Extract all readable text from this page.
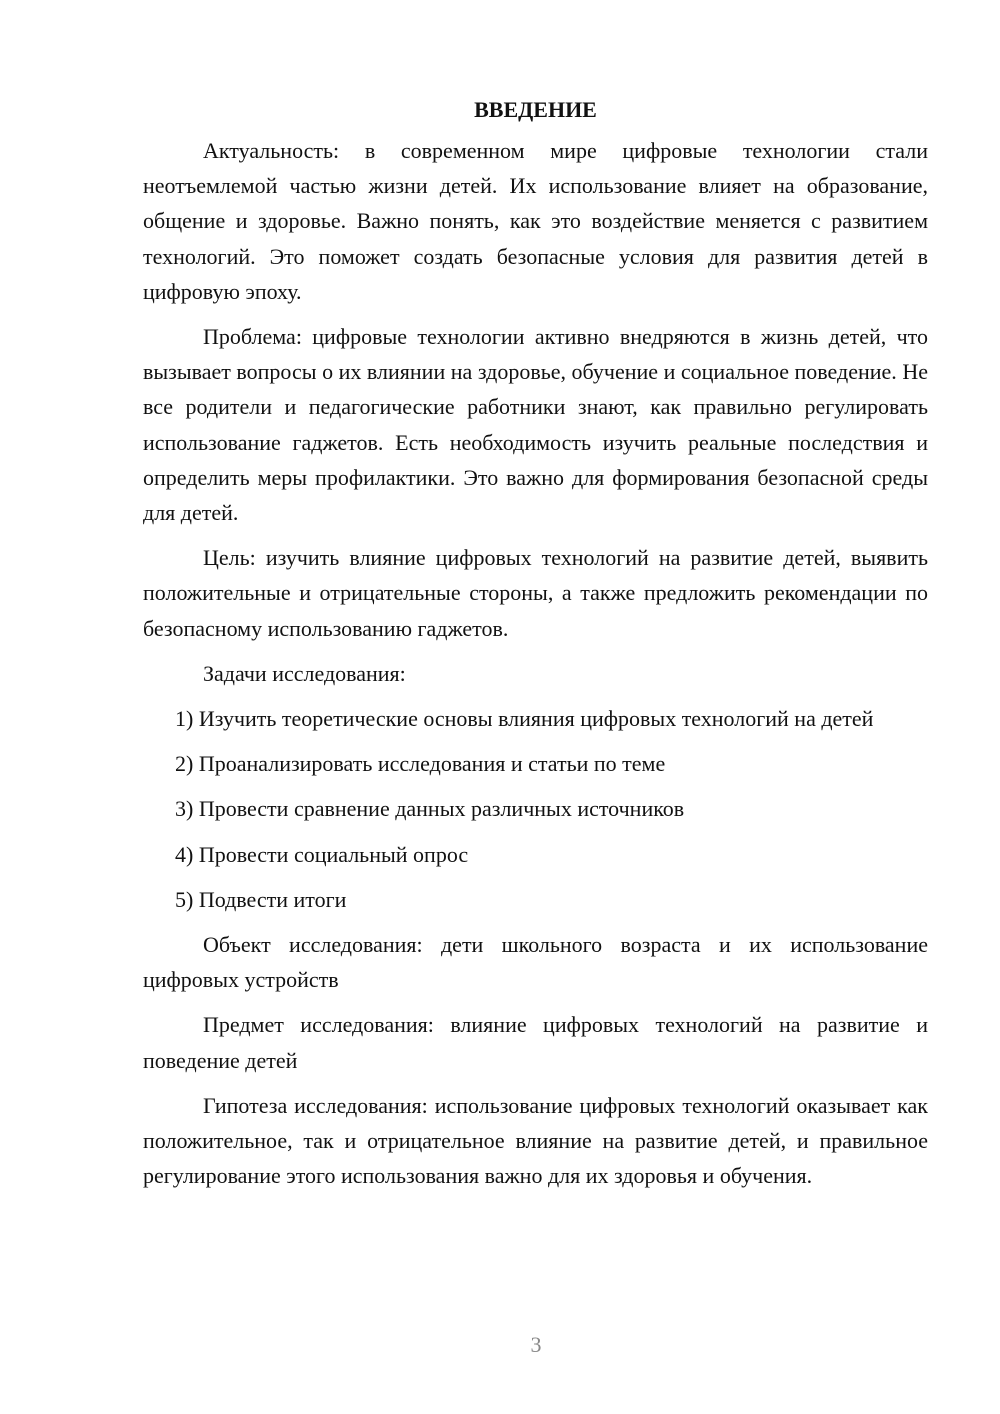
ВВЕДЕНИЕ

Актуальность: в современном мире цифровые технологии стали неотъемлемой частью жизни детей. Их использование влияет на образование, общение и здоровье. Важно понять, как это воздействие меняется с развитием технологий. Это поможет создать безопасные условия для развития детей в цифровую эпоху.

Проблема: цифровые технологии активно внедряются в жизнь детей, что вызывает вопросы о их влиянии на здоровье, обучение и социальное поведение. Не все родители и педагогические работники знают, как правильно регулировать использование гаджетов. Есть необходимость изучить реальные последствия и определить меры профилактики. Это важно для формирования безопасной среды для детей.

Цель: изучить влияние цифровых технологий на развитие детей, выявить положительные и отрицательные стороны, а также предложить рекомендации по безопасному использованию гаджетов.

Задачи исследования:

1) Изучить теоретические основы влияния цифровых технологий на детей

2) Проанализировать исследования и статьи по теме

3) Провести сравнение данных различных источников

4) Провести социальный опрос

5) Подвести итоги

Объект исследования: дети школьного возраста и их использование цифровых устройств

Предмет исследования: влияние цифровых технологий на развитие и поведение детей

Гипотеза исследования: использование цифровых технологий оказывает как положительное, так и отрицательное влияние на развитие детей, и правильное регулирование этого использования важно для их здоровья и обучения.

3
